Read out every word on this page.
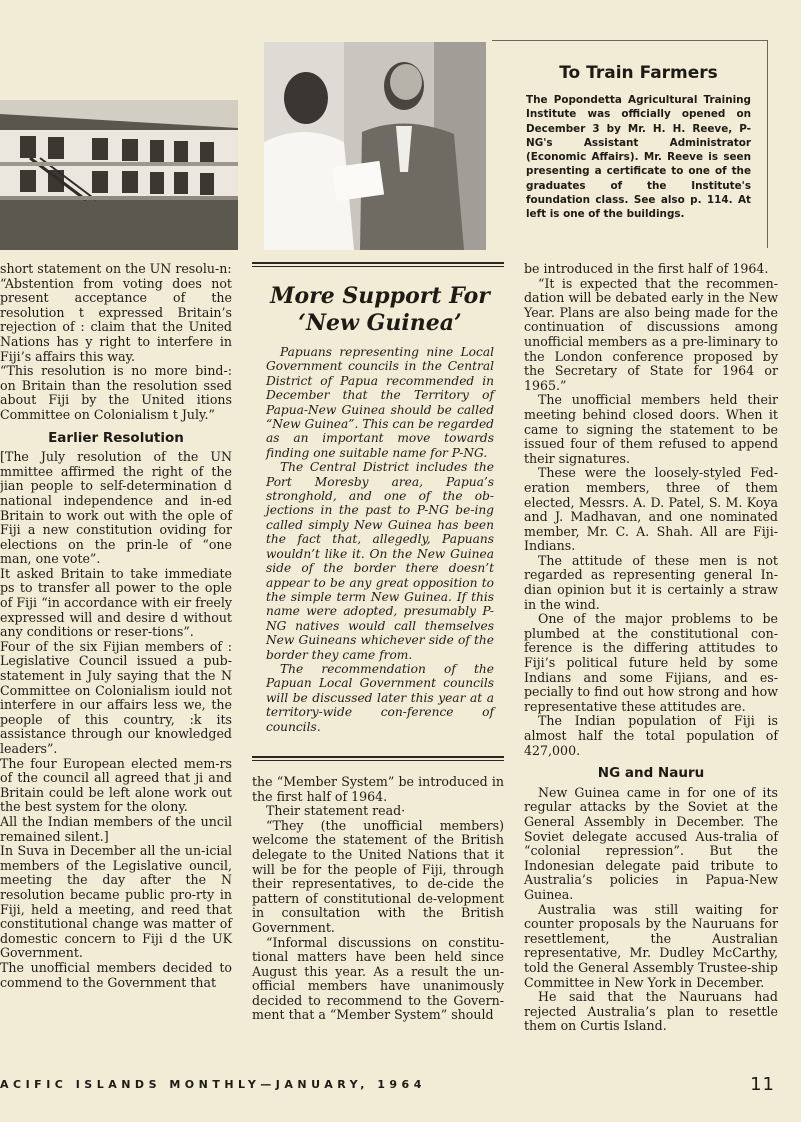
To Train Farmers

The Popondetta Agricultural Training Institute was officially opened on December 3 by Mr. H. H. Reeve, P-NG's Assistant Administrator (Economic Affairs). Mr. Reeve is seen presenting a certificate to one of the graduates of the Institute's foundation class. See also p. 114. At left is one of the buildings.

short statement on the UN resolu-n:

“Abstention from voting does not present acceptance of the resolution t expressed Britain’s rejection of : claim that the United Nations has y right to interfere in Fiji’s affairs this way.

“This resolution is no more bind-: on Britain than the resolution ssed about Fiji by the United itions Committee on Colonialism t July.”

Earlier Resolution

[The July resolution of the UN mmittee affirmed the right of the jian people to self-determination d national independence and in-ed Britain to work out with the ople of Fiji a new constitution oviding for elections on the prin-le of “one man, one vote”.

It asked Britain to take immediate ps to transfer all power to the ople of Fiji “in accordance with eir freely expressed will and desire d without any conditions or reser-tions”.

Four of the six Fijian members of : Legislative Council issued a pub-statement in July saying that the N Committee on Colonialism iould not interfere in our affairs less we, the people of this country, :k its assistance through our knowledged leaders”.

The four European elected mem-rs of the council all agreed that ji and Britain could be left alone work out the best system for the olony.

All the Indian members of the uncil remained silent.]

In Suva in December all the un-icial members of the Legislative ouncil, meeting the day after the N resolution became public pro-rty in Fiji, held a meeting, and reed that constitutional change was matter of domestic concern to Fiji d the UK Government.

The unofficial members decided to commend to the Government that

More Support For
‘New Guinea’

Papuans representing nine Local Government councils in the Central District of Papua recommended in December that the Territory of Papua-New Guinea should be called “New Guinea”. This can be regarded as an important move towards finding one suitable name for P-NG.

The Central District includes the Port Moresby area, Papua’s stronghold, and one of the ob-jections in the past to P-NG be-ing called simply New Guinea has been the fact that, allegedly, Papuans wouldn’t like it. On the New Guinea side of the border there doesn’t appear to be any great opposition to the simple term New Guinea. If this name were adopted, presumably P-NG natives would call themselves New Guineans whichever side of the border they came from.

The recommendation of the Papuan Local Government councils will be discussed later this year at a territory-wide con-ference of councils.

the “Member System” be introduced in the first half of 1964.

Their statement read·

“They (the unofficial members) welcome the statement of the British delegate to the United Nations that it will be for the people of Fiji, through their representatives, to de-cide the pattern of constitutional de-velopment in consultation with the British Government.

“Informal discussions on constitu-tional matters have been held since August this year. As a result the un-official members have unanimously decided to recommend to the Govern-ment that a “Member System” should

be introduced in the first half of 1964.

“It is expected that the recommen-dation will be debated early in the New Year. Plans are also being made for the continuation of discussions among unofficial members as a pre-liminary to the London conference proposed by the Secretary of State for 1964 or 1965.”

The unofficial members held their meeting behind closed doors. When it came to signing the statement to be issued four of them refused to append their signatures.

These were the loosely-styled Fed-eration members, three of them elected, Messrs. A. D. Patel, S. M. Koya and J. Madhavan, and one nominated member, Mr. C. A. Shah. All are Fiji-Indians.

The attitude of these men is not regarded as representing general In-dian opinion but it is certainly a straw in the wind.

One of the major problems to be plumbed at the constitutional con-ference is the differing attitudes to Fiji’s political future held by some Indians and some Fijians, and es-pecially to find out how strong and how representative these attitudes are.

The Indian population of Fiji is almost half the total population of 427,000.

NG and Nauru

New Guinea came in for one of its regular attacks by the Soviet at the General Assembly in December. The Soviet delegate accused Aus-tralia of “colonial repression”. But the Indonesian delegate paid tribute to Australia’s policies in Papua-New Guinea.

Australia was still waiting for counter proposals by the Nauruans for resettlement, the Australian representative, Mr. Dudley McCarthy, told the General Assembly Trustee-ship Committee in New York in December.

He said that the Nauruans had rejected Australia’s plan to resettle them on Curtis Island.

ACIFIC ISLANDS MONTHLY—JANUARY, 1964	11
